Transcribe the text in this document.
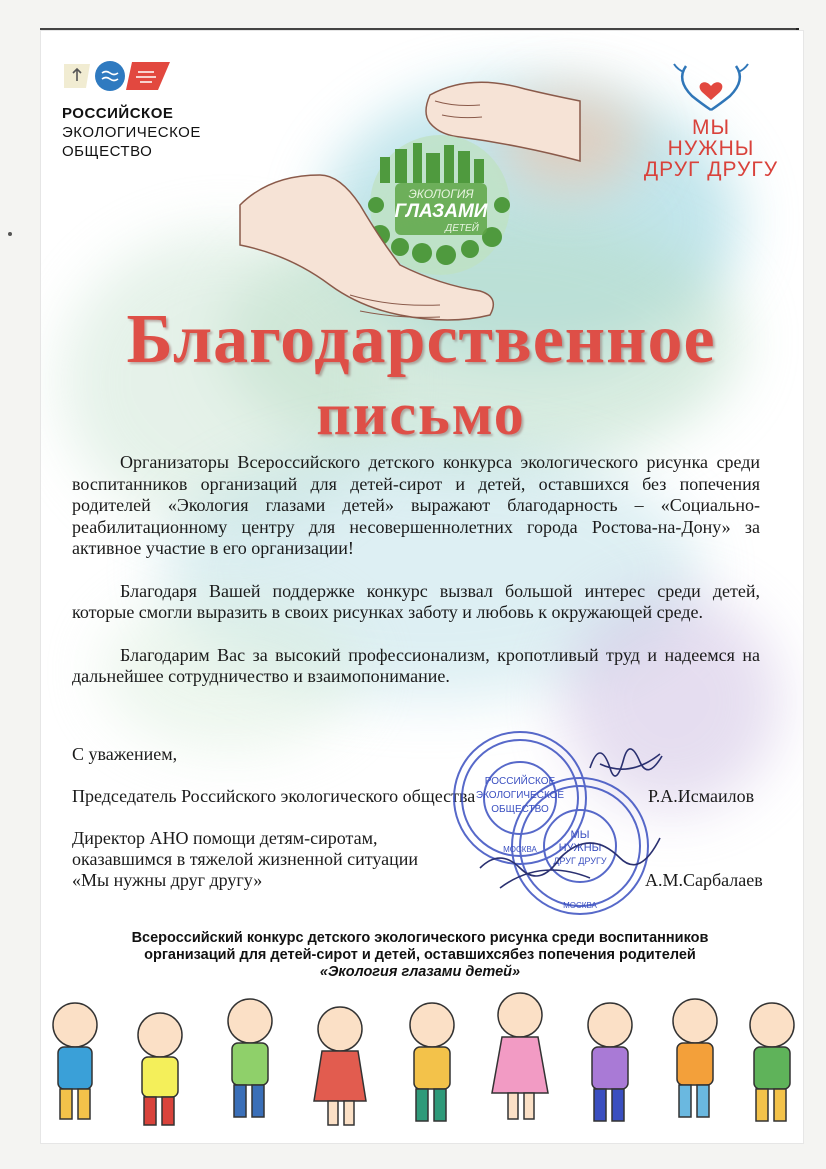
РОССИЙСКОЕ
ЭКОЛОГИЧЕСКОЕ
ОБЩЕСТВО
МЫ
НУЖНЫ
ДРУГ ДРУГУ
ЭКОЛОГИЯ
ГЛАЗАМИ
ДЕТЕЙ
Благодарственное
письмо

Организаторы Всероссийского детского конкурса экологического рисунка среди воспитанников организаций для детей-сирот и детей, оставшихся без попечения родителей «Экология глазами детей» выражают благодарность – «Социально-реабилитационному центру для несовершеннолетних города Ростова-на-Дону» за активное участие в его организации!

Благодаря Вашей поддержке конкурс вызвал большой интерес среди детей, которые смогли выразить в своих рисунках заботу и любовь к окружающей среде.

Благодарим Вас за высокий профессионализм, кропотливый труд и надеемся на дальнейшее сотрудничество и взаимопонимание.

С уважением,
Председатель Российского экологического общества	Р.А.Исмаилов
Директор АНО помощи детям-сиротам,
оказавшимся в тяжелой жизненной ситуации
«Мы нужны друг другу»	А.М.Сарбалаев
РОССИЙСКОЕ
ЭКОЛОГИЧЕСКОЕ
ОБЩЕСТВО
МОСКВА
МЫ
НУЖНЫ
ДРУГ ДРУГУ
МОСКВА
Всероссийский конкурс детского экологического рисунка среди воспитанников
организаций для детей-сирот и детей, оставшихсябез попечения родителей
«Экология глазами детей»
